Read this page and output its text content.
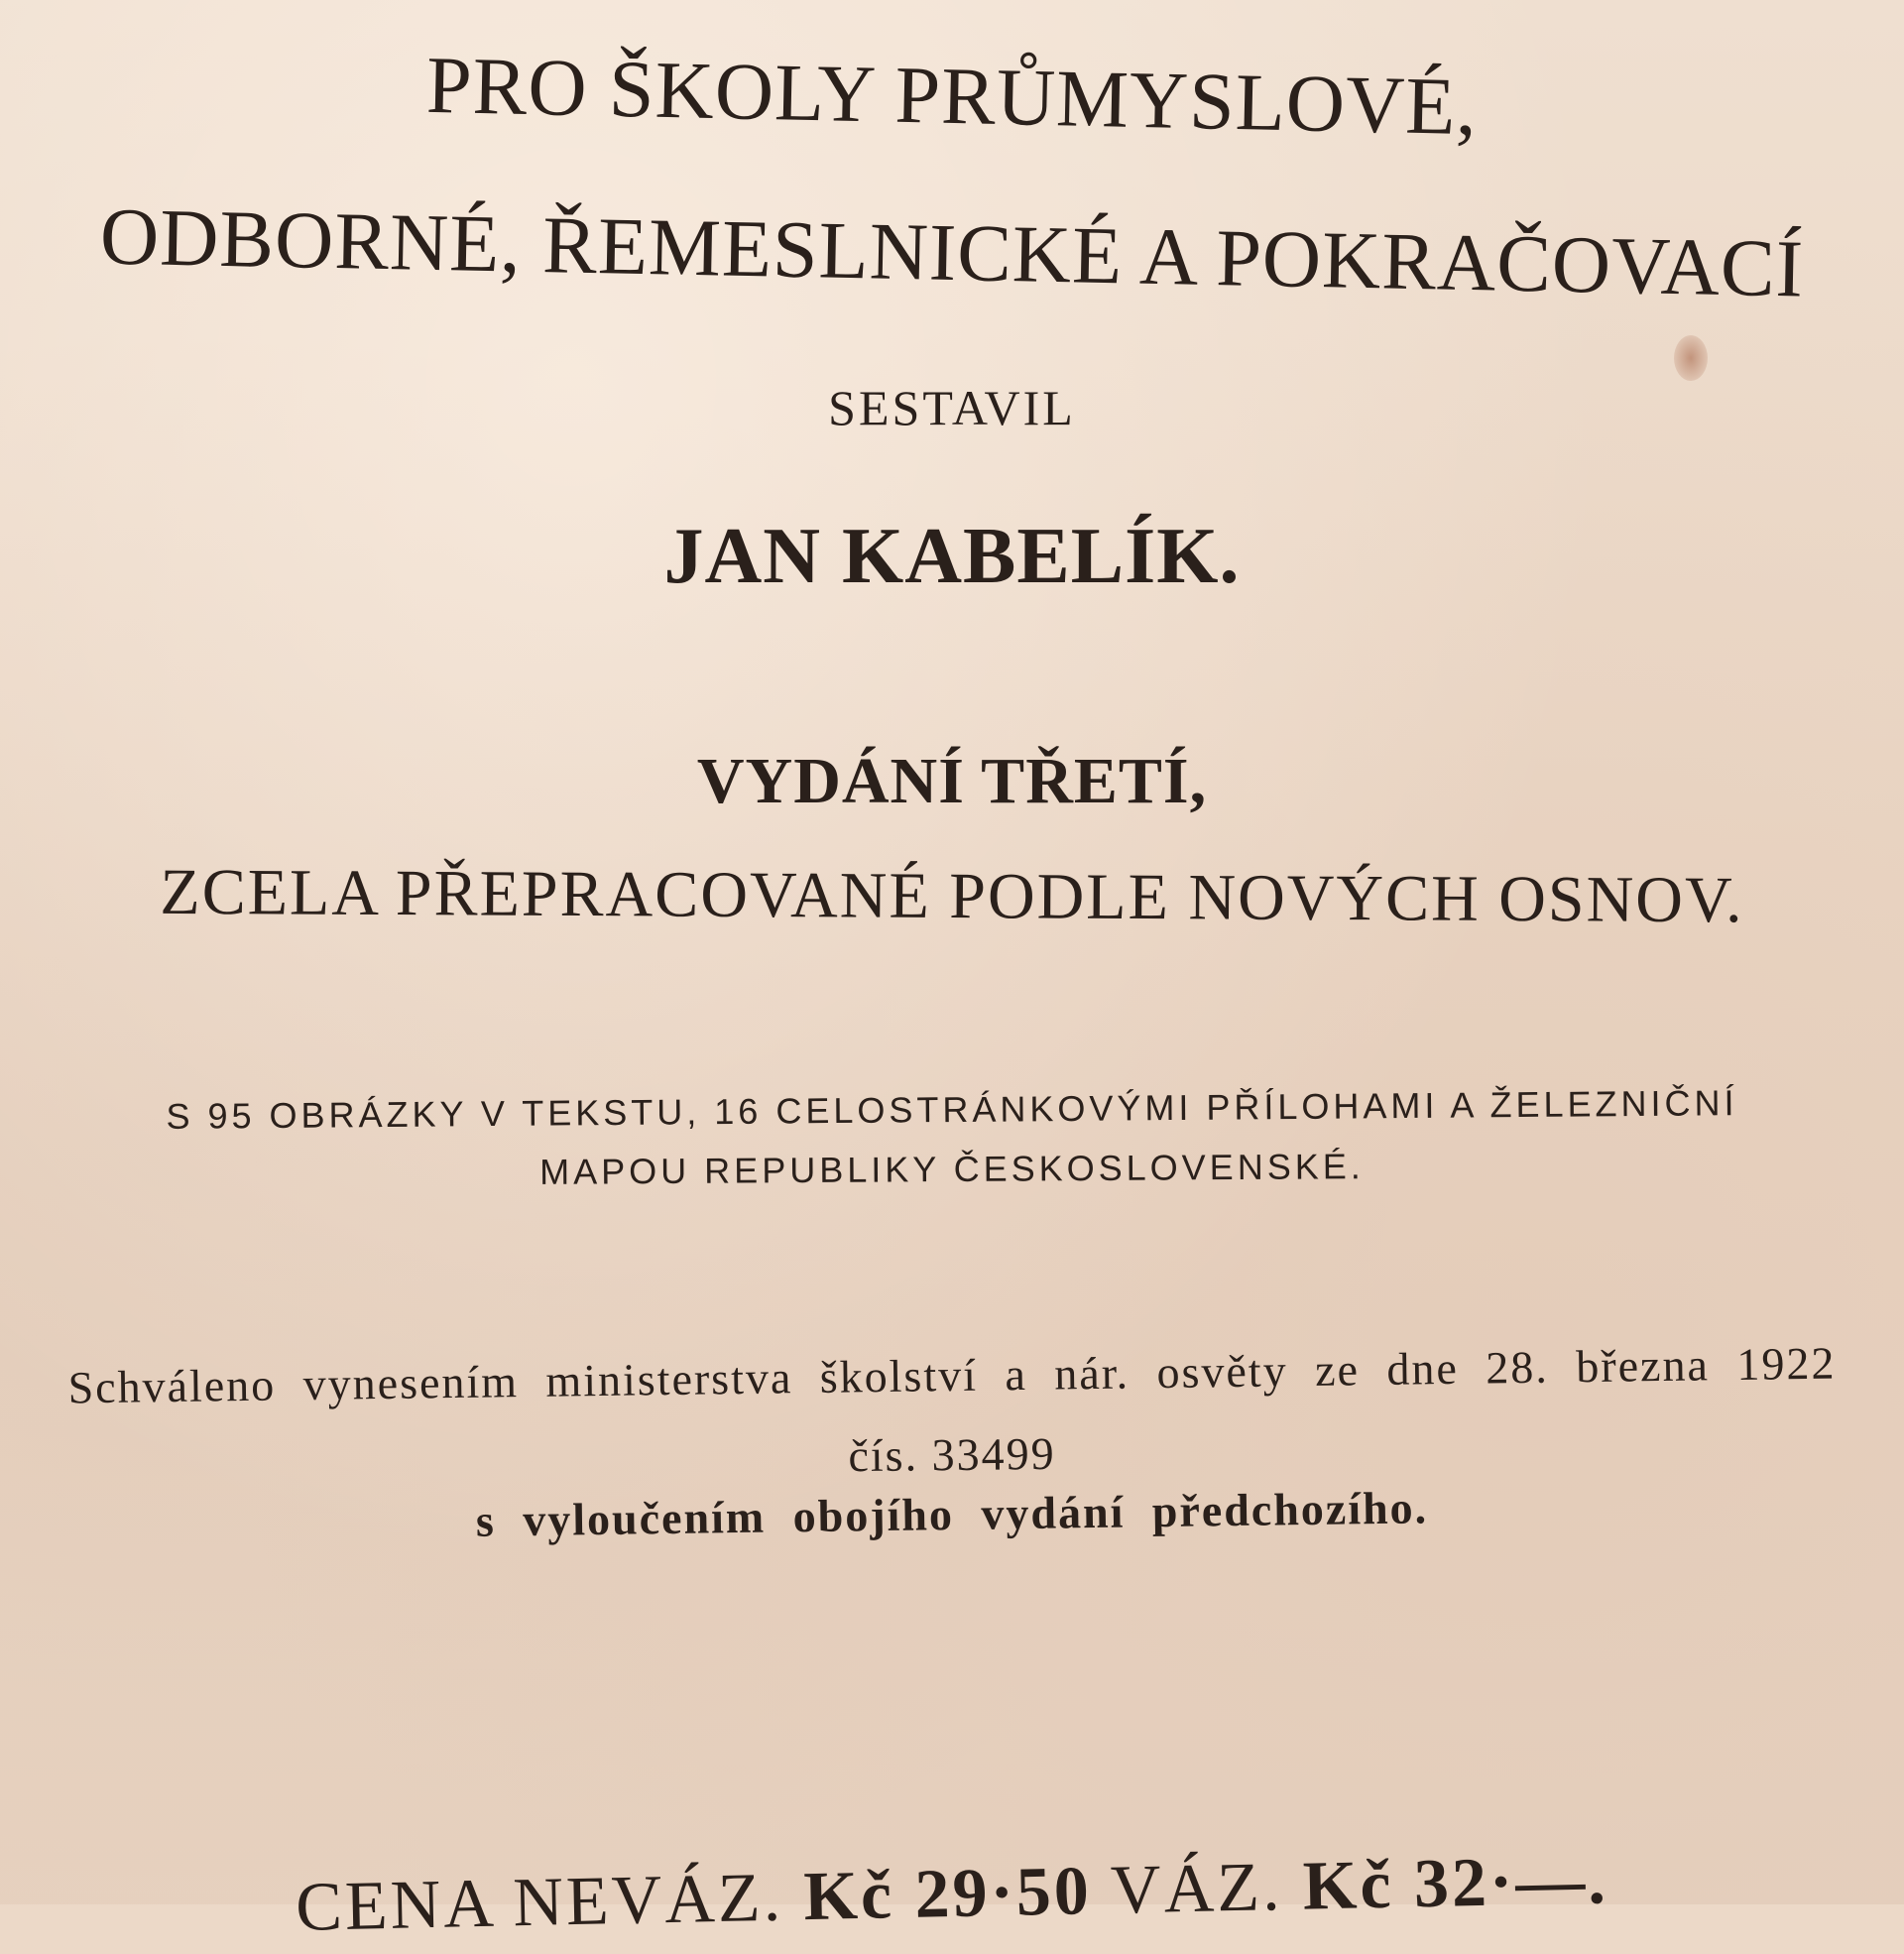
PRO ŠKOLY PRŮMYSLOVÉ,
ODBORNÉ, ŘEMESLNICKÉ A POKRAČOVACÍ
SESTAVIL
JAN KABELÍK.
VYDÁNÍ TŘETÍ,
ZCELA PŘEPRACOVANÉ PODLE NOVÝCH OSNOV.
S 95 OBRÁZKY V TEKSTU, 16 CELOSTRÁNKOVÝMI PŘÍLOHAMI A ŽELEZNIČNÍ
MAPOU REPUBLIKY ČESKOSLOVENSKÉ.
Schváleno vynesením ministerstva školství a nár. osvěty ze dne 28. března 1922
čís. 33499
s vyloučením obojího vydání předchozího.
CENA NEVÁZ. Kč 29·50 VÁZ. Kč 32·—.
